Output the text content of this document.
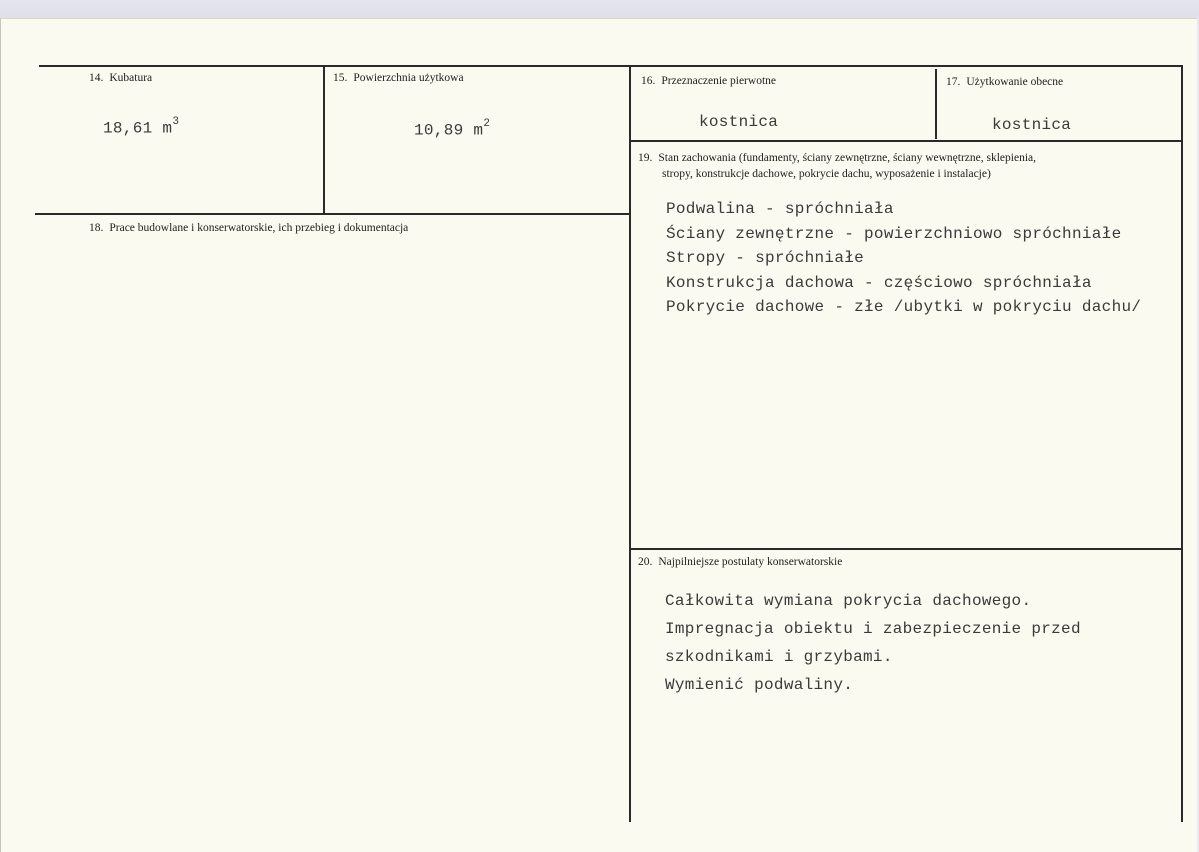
14. Kubatura
18,61 $m^3$
15. Powierzchnia użytkowa
10,89 $m^2$
16. Przeznaczenie pierwotne
kostnica
17. Użytkowanie obecne
kostnica
18. Prace budowlane i konserwatorskie, ich przebieg i dokumentacja
19. Stan zachowania (fundamenty, ściany zewnętrzne, ściany wewnętrzne, sklepienia,
stropy, konstrukcje dachowe, pokrycie dachu, wyposażenie i instalacje)
Podwalina - spróchniała
Ściany zewnętrzne - powierzchniowo spróchniałe
Stropy - spróchniałe
Konstrukcja dachowa - częściowo spróchniała
Pokrycie dachowe - złe /ubytki w pokryciu dachu/
20. Najpilniejsze postulaty konserwatorskie
Całkowita wymiana pokrycia dachowego.
Impregnacja obiektu i zabezpieczenie przed
szkodnikami i grzybami.
Wymienić podwaliny.
